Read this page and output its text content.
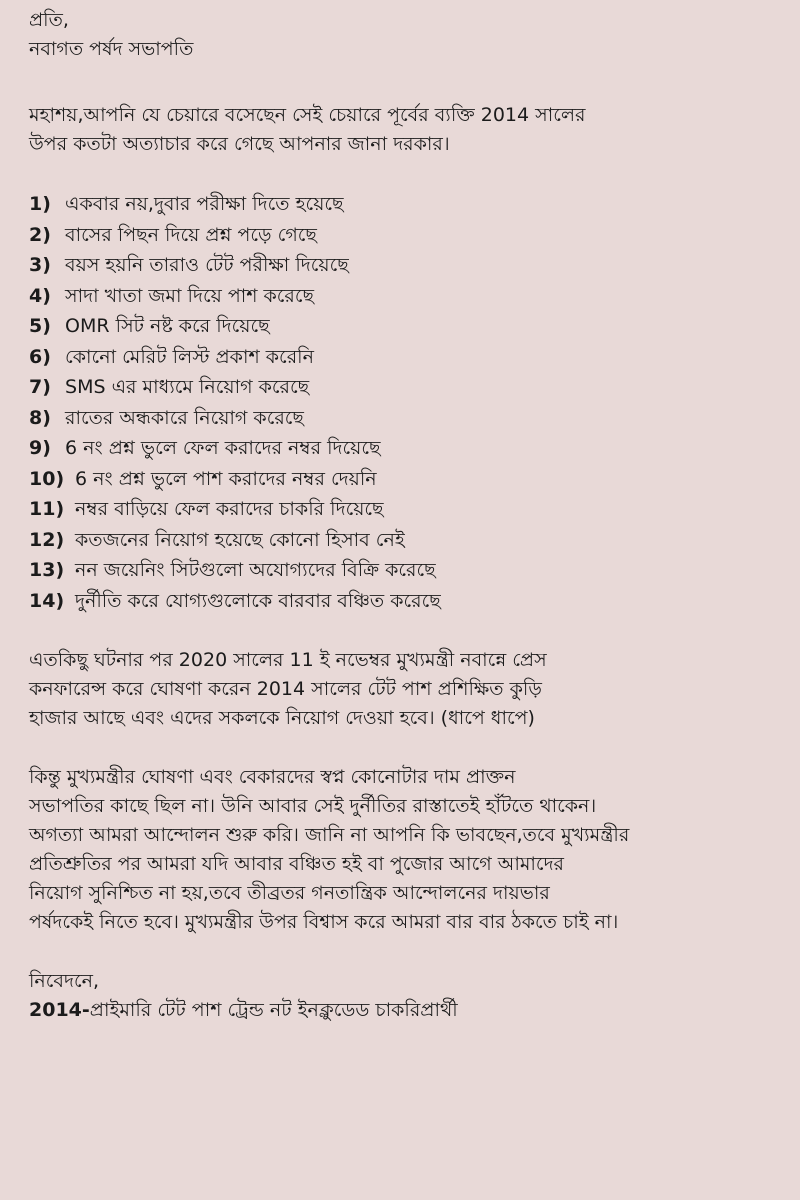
প্রতি,
নবাগত পর্ষদ সভাপতি
মহাশয়,আপনি যে চেয়ারে বসেছেন সেই চেয়ারে পূর্বের ব্যক্তি 2014 সালের
উপর কতটা অত্যাচার করে গেছে আপনার জানা দরকার।
1) একবার নয়,দুবার পরীক্ষা দিতে হয়েছে
2) বাসের পিছন দিয়ে প্রশ্ন পড়ে গেছে
3) বয়স হয়নি তারাও টেট পরীক্ষা দিয়েছে
4) সাদা খাতা জমা দিয়ে পাশ করেছে
5) OMR সিট নষ্ট করে দিয়েছে
6) কোনো মেরিট লিস্ট প্রকাশ করেনি
7) SMS এর মাধ্যমে নিয়োগ করেছে
8) রাতের অন্ধকারে নিয়োগ করেছে
9) 6 নং প্রশ্ন ভুলে ফেল করাদের নম্বর দিয়েছে
10) 6 নং প্রশ্ন ভুলে পাশ করাদের নম্বর দেয়নি
11) নম্বর বাড়িয়ে ফেল করাদের চাকরি দিয়েছে
12) কতজনের নিয়োগ হয়েছে কোনো হিসাব নেই
13) নন জয়েনিং সিটগুলো অযোগ্যদের বিক্রি করেছে
14) দুর্নীতি করে যোগ্যগুলোকে বারবার বঞ্চিত করেছে
এতকিছু ঘটনার পর 2020 সালের 11 ই নভেম্বর মুখ্যমন্ত্রী নবান্নে প্রেস
কনফারেন্স করে ঘোষণা করেন 2014 সালের টেট পাশ প্রশিক্ষিত কুড়ি
হাজার আছে এবং এদের সকলকে নিয়োগ দেওয়া হবে। (ধাপে ধাপে)
কিন্তু মুখ্যমন্ত্রীর ঘোষণা এবং বেকারদের স্বপ্ন কোনোটার দাম প্রাক্তন
সভাপতির কাছে ছিল না। উনি আবার সেই দুর্নীতির রাস্তাতেই হাঁটতে থাকেন।
অগত্যা আমরা আন্দোলন শুরু করি। জানি না আপনি কি ভাবছেন,তবে মুখ্যমন্ত্রীর
প্রতিশ্রুতির পর আমরা যদি আবার বঞ্চিত হই বা পুজোর আগে আমাদের
নিয়োগ সুনিশ্চিত না হয়,তবে তীব্রতর গনতান্ত্রিক আন্দোলনের দায়ভার
পর্ষদকেই নিতে হবে। মুখ্যমন্ত্রীর উপর বিশ্বাস করে আমরা বার বার ঠকতে চাই না।
নিবেদনে,
2014-প্রাইমারি টেট পাশ ট্রেন্ড নট ইনক্লুডেড চাকরিপ্রার্থী
